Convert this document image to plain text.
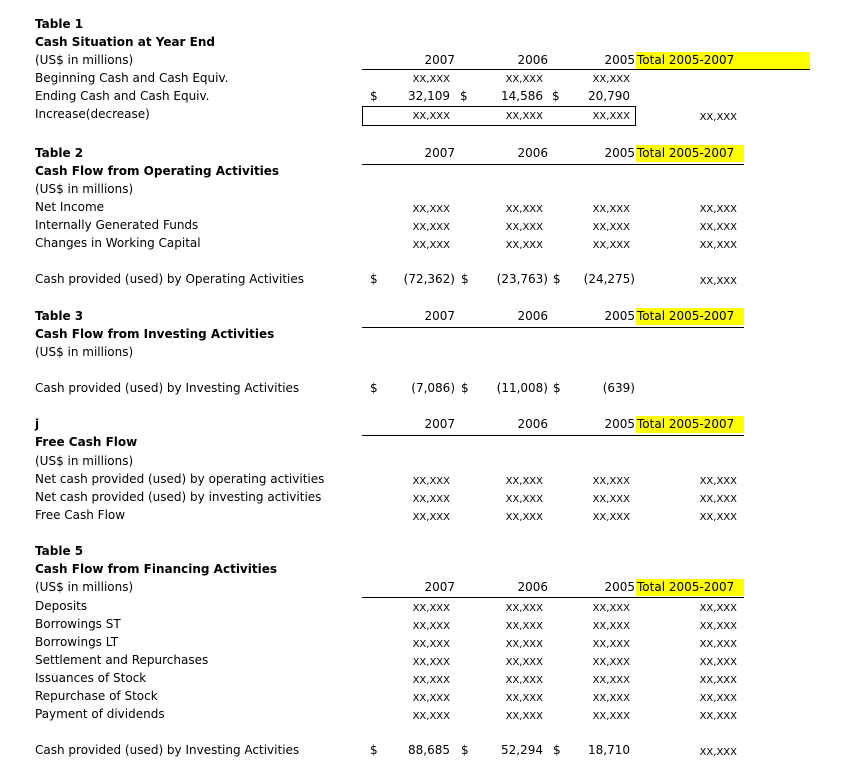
Table 1
Cash Situation at Year End
(US$ in millions)	2007	2006	2005 Total 2005-2007
Beginning Cash and Cash Equiv.	XX,XXX	XX,XXX	XX,XXX
Ending Cash and Cash Equiv.	$	32,109 $	14,586 $	20,790
Increase(decrease)	XX,XXX	XX,XXX	XX,XXX	XX,XXX
Table 2
Cash Flow from Operating Activities
(US$ in millions)
2007	2006	2005 Total 2005-2007
Net Income	XX,XXX	XX,XXX	XX,XXX	XX,XXX
Internally Generated Funds	XX,XXX	XX,XXX	XX,XXX	XX,XXX
Changes in Working Capital	XX,XXX	XX,XXX	XX,XXX	XX,XXX
Cash provided (used) by Operating Activities	$	(72,362) $	(23,763) $	(24,275)	XX,XXX
Table 3
Cash Flow from Investing Activities
(US$ in millions)
2007	2006	2005 Total 2005-2007
Cash provided (used) by Investing Activities	$	(7,086) $	(11,008) $	(639)
j
Free Cash Flow
(US$ in millions)
2007	2006	2005 Total 2005-2007
Net cash provided (used) by operating activities	XX,XXX	XX,XXX	XX,XXX	XX,XXX
Net cash provided (used) by investing activities	XX,XXX	XX,XXX	XX,XXX	XX,XXX
Free Cash Flow	XX,XXX	XX,XXX	XX,XXX	XX,XXX
Table 5
Cash Flow from Financing Activities
(US$ in millions)	2007	2006	2005 Total 2005-2007
Deposits	XX,XXX	XX,XXX	XX,XXX	XX,XXX
Borrowings ST	XX,XXX	XX,XXX	XX,XXX	XX,XXX
Borrowings LT	XX,XXX	XX,XXX	XX,XXX	XX,XXX
Settlement and Repurchases	XX,XXX	XX,XXX	XX,XXX	XX,XXX
Issuances of Stock	XX,XXX	XX,XXX	XX,XXX	XX,XXX
Repurchase of Stock	XX,XXX	XX,XXX	XX,XXX	XX,XXX
Payment of dividends	XX,XXX	XX,XXX	XX,XXX	XX,XXX
Cash provided (used) by Investing Activities	$	88,685 $	52,294 $	18,710	XX,XXX
